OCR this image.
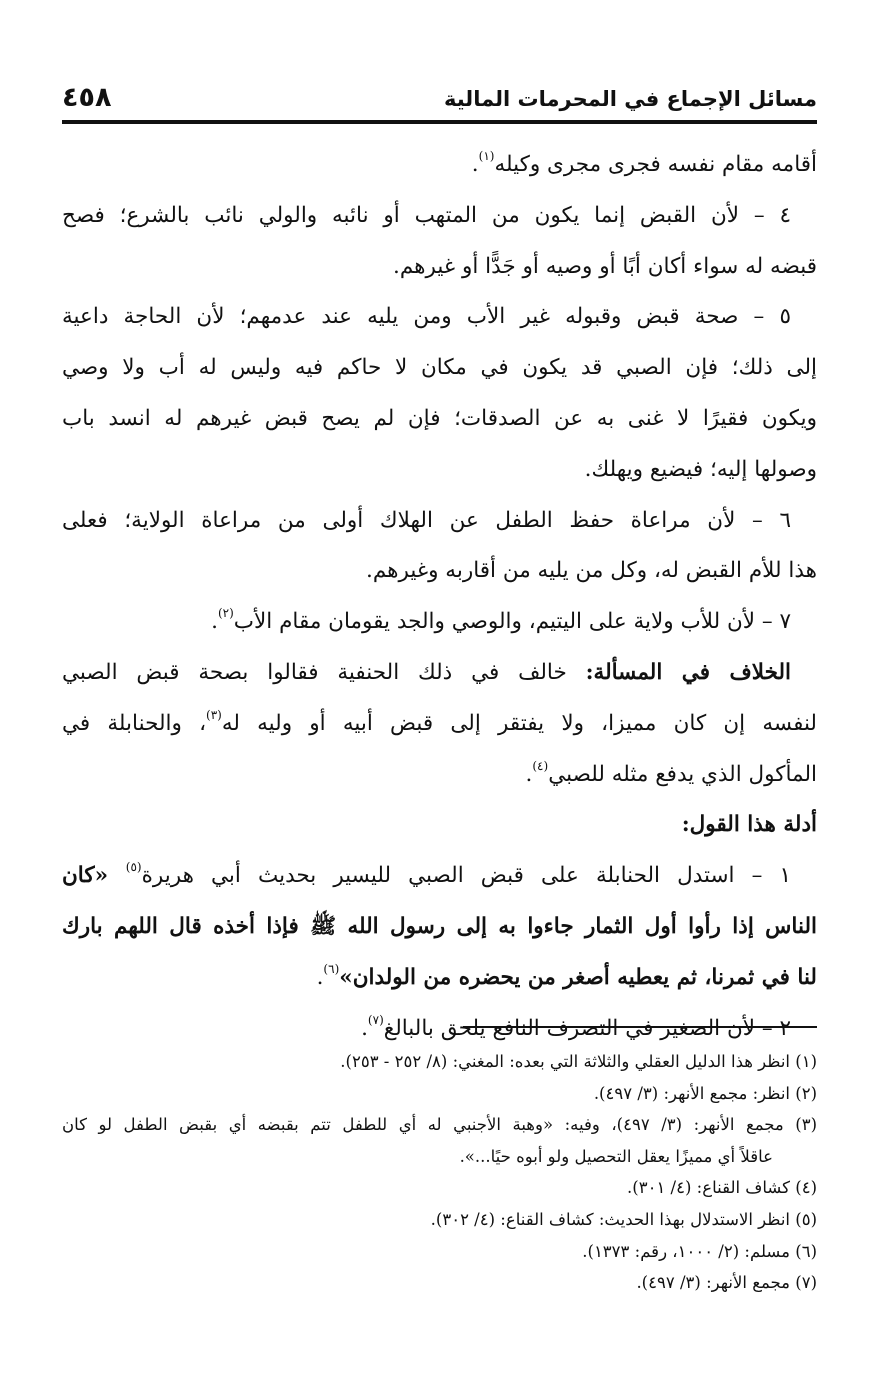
مسائل الإجماع في المحرمات المالية
٤٥٨
أقامه مقام نفسه فجرى مجرى وكيله$^{(١)}$.
٤ – لأن القبض إنما يكون من المتهب أو نائبه والولي نائب بالشرع؛ فصح
قبضه له سواء أكان أبًا أو وصيه أو جَدًّا أو غيرهم.
٥ – صحة قبض وقبوله غير الأب ومن يليه عند عدمهم؛ لأن الحاجة داعية
إلى ذلك؛ فإن الصبي قد يكون في مكان لا حاكم فيه وليس له أب ولا وصي
ويكون فقيرًا لا غنى به عن الصدقات؛ فإن لم يصح قبض غيرهم له انسد باب
وصولها إليه؛ فيضيع ويهلك.
٦ – لأن مراعاة حفظ الطفل عن الهلاك أولى من مراعاة الولاية؛ فعلى
هذا للأم القبض له، وكل من يليه من أقاربه وغيرهم.
٧ – لأن للأب ولاية على اليتيم، والوصي والجد يقومان مقام الأب$^{(٢)}$.
الخلاف في المسألة: خالف في ذلك الحنفية فقالوا بصحة قبض الصبي
لنفسه إن كان مميزا، ولا يفتقر إلى قبض أبيه أو وليه له$^{(٣)}$، والحنابلة في
المأكول الذي يدفع مثله للصبي$^{(٤)}$.
أدلة هذا القول:
١ – استدل الحنابلة على قبض الصبي لليسير بحديث أبي هريرة$^{(٥)}$ «كان
الناس إذا رأوا أول الثمار جاءوا به إلى رسول الله ﷺ فإذا أخذه قال اللهم بارك
لنا في ثمرنا، ثم يعطيه أصغر من يحضره من الولدان»$^{(٦)}$.
٢ – لأن الصغير في التصرف النافع يلحق بالبالغ$^{(٧)}$.
(١) انظر هذا الدليل العقلي والثلاثة التي بعده: المغني: (٨/ ٢٥٢ - ٢٥٣).
(٢) انظر: مجمع الأنهر: (٣/ ٤٩٧).
(٣) مجمع الأنهر: (٣/ ٤٩٧)، وفيه: «وهبة الأجنبي له أي للطفل تتم بقبضه أي بقبض الطفل لو كان
عاقلاً أي مميزًا يعقل التحصيل ولو أبوه حيًا...».
(٤) كشاف القناع: (٤/ ٣٠١).
(٥) انظر الاستدلال بهذا الحديث: كشاف القناع: (٤/ ٣٠٢).
(٦) مسلم: (٢/ ١٠٠٠، رقم: ١٣٧٣).
(٧) مجمع الأنهر: (٣/ ٤٩٧).
